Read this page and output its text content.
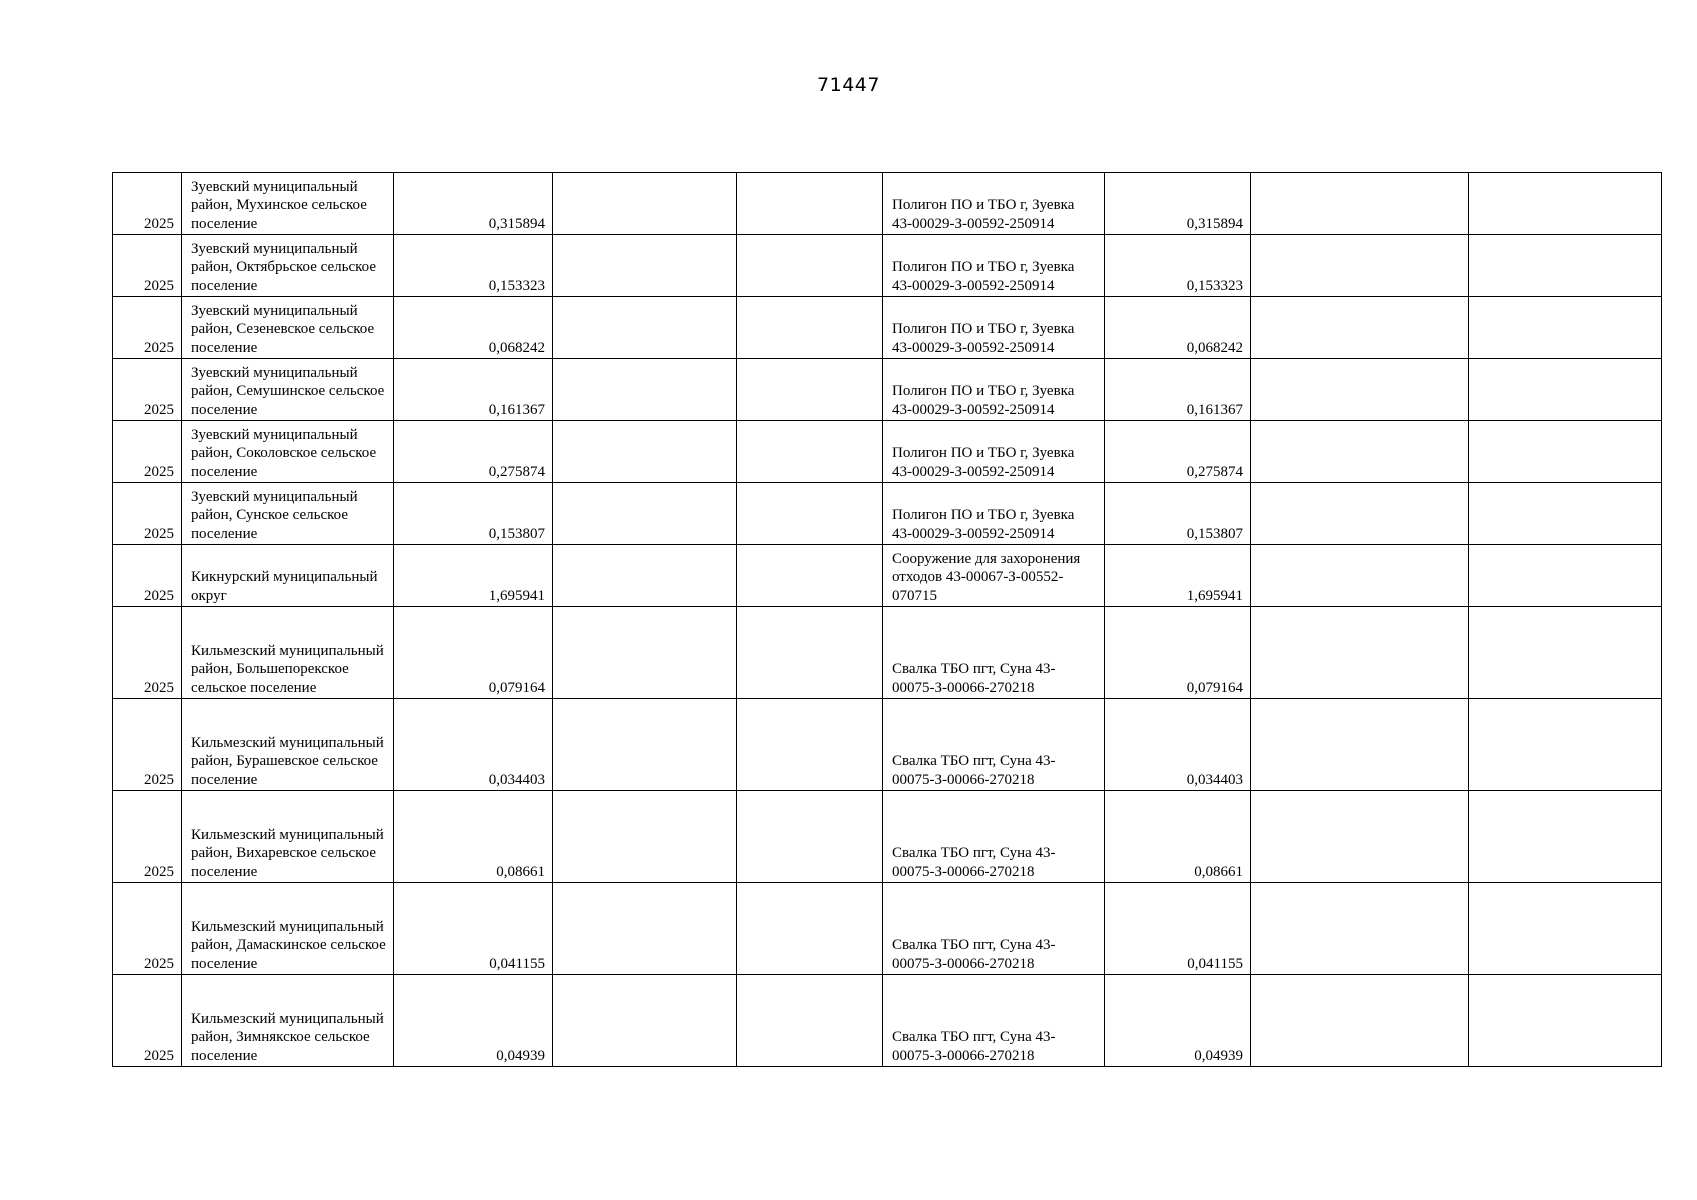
71447
2025	Зуевский муниципальный район, Мухинское сельское поселение	0,315894			Полигон ПО и ТБО г, Зуевка 43-00029-З-00592-250914	0,315894		
2025	Зуевский муниципальный район, Октябрьское сельское поселение	0,153323			Полигон ПО и ТБО г, Зуевка 43-00029-З-00592-250914	0,153323		
2025	Зуевский муниципальный район, Сезеневское сельское поселение	0,068242			Полигон ПО и ТБО г, Зуевка 43-00029-З-00592-250914	0,068242		
2025	Зуевский муниципальный район, Семушинское сельское поселение	0,161367			Полигон ПО и ТБО г, Зуевка 43-00029-З-00592-250914	0,161367		
2025	Зуевский муниципальный район, Соколовское сельское поселение	0,275874			Полигон ПО и ТБО г, Зуевка 43-00029-З-00592-250914	0,275874		
2025	Зуевский муниципальный район, Сунское сельское поселение	0,153807			Полигон ПО и ТБО г, Зуевка 43-00029-З-00592-250914	0,153807		
2025	Кикнурский муниципальный округ	1,695941			Сооружение для захоронения отходов 43-00067-З-00552-070715	1,695941		
2025	Кильмезский муниципальный район, Большепорекское сельское поселение	0,079164			Свалка ТБО пгт, Суна 43-00075-З-00066-270218	0,079164		
2025	Кильмезский муниципальный район, Бурашевское сельское поселение	0,034403			Свалка ТБО пгт, Суна 43-00075-З-00066-270218	0,034403		
2025	Кильмезский муниципальный район, Вихаревское сельское поселение	0,08661			Свалка ТБО пгт, Суна 43-00075-З-00066-270218	0,08661		
2025	Кильмезский муниципальный район, Дамаскинское сельское поселение	0,041155			Свалка ТБО пгт, Суна 43-00075-З-00066-270218	0,041155		
2025	Кильмезский муниципальный район, Зимнякское сельское поселение	0,04939			Свалка ТБО пгт, Суна 43-00075-З-00066-270218	0,04939		
